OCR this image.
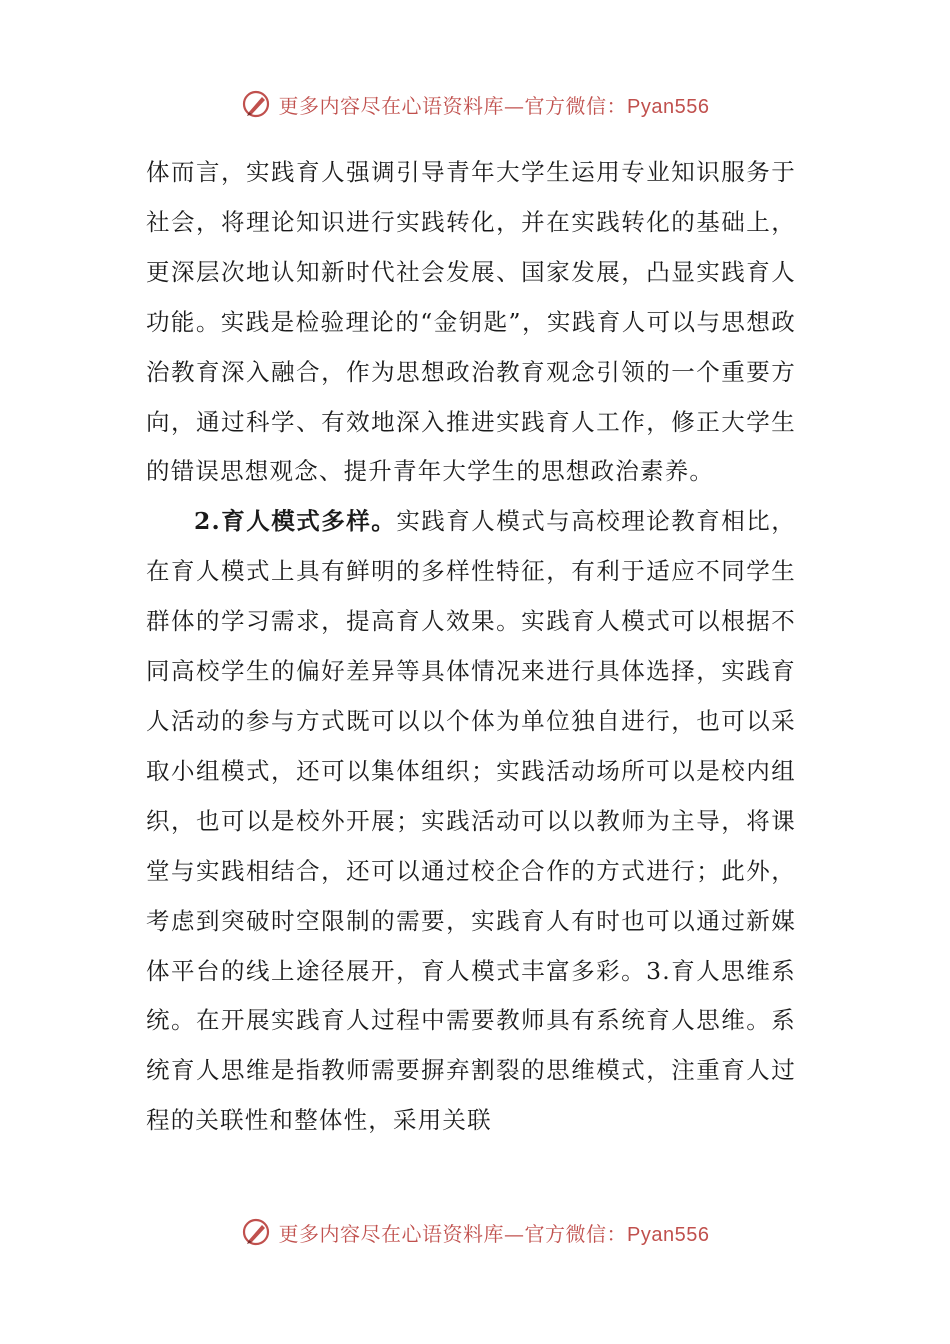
更多内容尽在心语资料库—官方微信：Pyan556

体而言，实践育人强调引导青年大学生运用专业知识服务于社会，将理论知识进行实践转化，并在实践转化的基础上，更深层次地认知新时代社会发展、国家发展，凸显实践育人功能。实践是检验理论的“金钥匙”，实践育人可以与思想政治教育深入融合，作为思想政治教育观念引领的一个重要方向，通过科学、有效地深入推进实践育人工作，修正大学生的错误思想观念、提升青年大学生的思想政治素养。

2.育人模式多样。实践育人模式与高校理论教育相比，在育人模式上具有鲜明的多样性特征，有利于适应不同学生群体的学习需求，提高育人效果。实践育人模式可以根据不同高校学生的偏好差异等具体情况来进行具体选择，实践育人活动的参与方式既可以以个体为单位独自进行，也可以采取小组模式，还可以集体组织；实践活动场所可以是校内组织，也可以是校外开展；实践活动可以以教师为主导，将课堂与实践相结合，还可以通过校企合作的方式进行；此外，考虑到突破时空限制的需要，实践育人有时也可以通过新媒体平台的线上途径展开，育人模式丰富多彩。3.育人思维系统。在开展实践育人过程中需要教师具有系统育人思维。系统育人思维是指教师需要摒弃割裂的思维模式，注重育人过程的关联性和整体性，采用关联

更多内容尽在心语资料库—官方微信：Pyan556
